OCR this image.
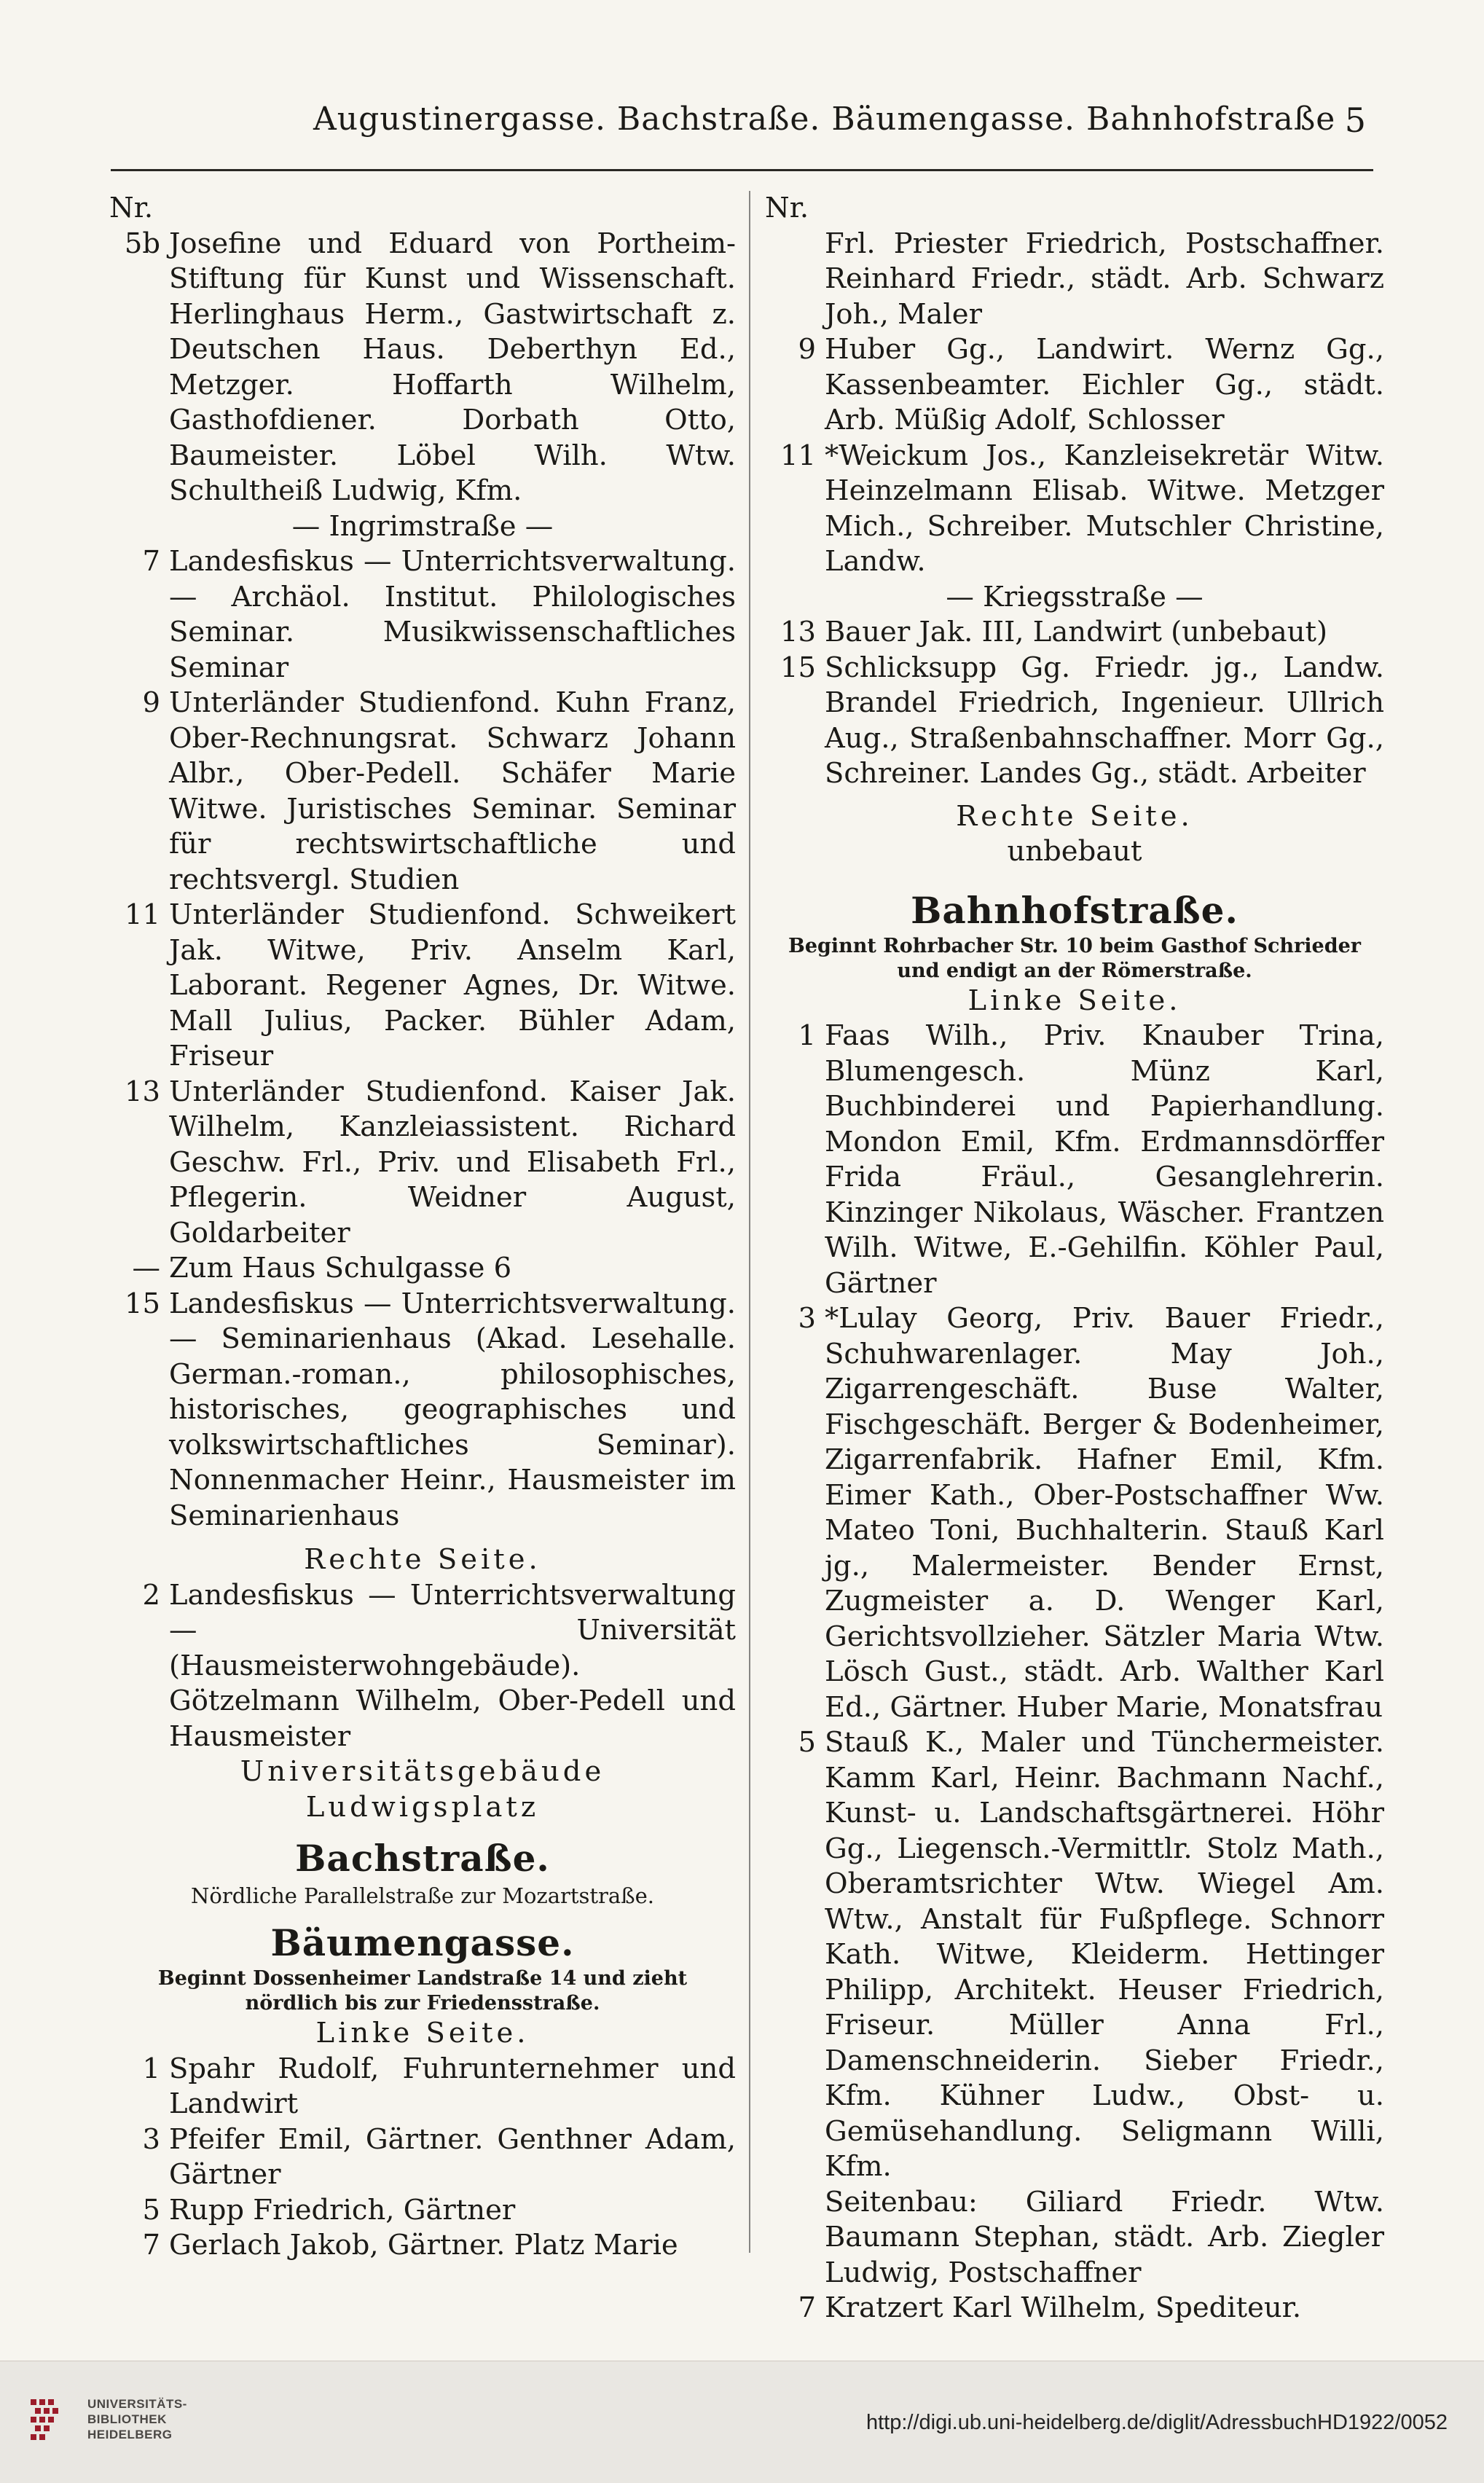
Augustinergasse. Bachstraße. Bäumengasse. Bahnhofstraße 5
Nr.
5b Josefine und Eduard von Portheim-Stiftung für Kunst und Wissenschaft. Herlinghaus Herm., Gastwirtschaft z. Deutschen Haus. Deberthyn Ed., Metzger. Hoffarth Wilhelm, Gasthofdiener. Dorbath Otto, Baumeister. Löbel Wilh. Wtw. Schultheiß Ludwig, Kfm.
— Ingrimstraße —
7 Landesfiskus — Unterrichtsverwaltung. — Archäol. Institut. Philologisches Seminar. Musikwissenschaftliches Seminar
9 Unterländer Studienfond. Kuhn Franz, Ober-Rechnungsrat. Schwarz Johann Albr., Ober-Pedell. Schäfer Marie Witwe. Juristisches Seminar. Seminar für rechtswirtschaftliche und rechtsvergl. Studien
11 Unterländer Studienfond. Schweikert Jak. Witwe, Priv. Anselm Karl, Laborant. Regener Agnes, Dr. Witwe. Mall Julius, Packer. Bühler Adam, Friseur
13 Unterländer Studienfond. Kaiser Jak. Wilhelm, Kanzleiassistent. Richard Geschw. Frl., Priv. und Elisabeth Frl., Pflegerin. Weidner August, Goldarbeiter
— Zum Haus Schulgasse 6
15 Landesfiskus — Unterrichtsverwaltung. — Seminarienhaus (Akad. Lesehalle. German.-roman., philosophisches, historisches, geographisches und volkswirtschaftliches Seminar). Nonnenmacher Heinr., Hausmeister im Seminarienhaus
Rechte Seite.
2 Landesfiskus — Unterrichtsverwaltung — Universität (Hausmeisterwohngebäude). Götzelmann Wilhelm, Ober-Pedell und Hausmeister
Universitätsgebäude
Ludwigsplatz
Bachstraße.
Nördliche Parallelstraße zur Mozartstraße.
Bäumengasse.
Beginnt Dossenheimer Landstraße 14 und zieht nördlich bis zur Friedensstraße.
Linke Seite.
1 Spahr Rudolf, Fuhrunternehmer und Landwirt
3 Pfeifer Emil, Gärtner. Genthner Adam, Gärtner
5 Rupp Friedrich, Gärtner
7 Gerlach Jakob, Gärtner. Platz Marie
Nr.
Frl. Priester Friedrich, Postschaffner. Reinhard Friedr., städt. Arb. Schwarz Joh., Maler
9 Huber Gg., Landwirt. Wernz Gg., Kassenbeamter. Eichler Gg., städt. Arb. Müßig Adolf, Schlosser
11 *Weickum Jos., Kanzleisekretär Witw. Heinzelmann Elisab. Witwe. Metzger Mich., Schreiber. Mutschler Christine, Landw.
— Kriegsstraße —
13 Bauer Jak. III, Landwirt (unbebaut)
15 Schlicksupp Gg. Friedr. jg., Landw. Brandel Friedrich, Ingenieur. Ullrich Aug., Straßenbahnschaffner. Morr Gg., Schreiner. Landes Gg., städt. Arbeiter
Rechte Seite.
unbebaut
Bahnhofstraße.
Beginnt Rohrbacher Str. 10 beim Gasthof Schrieder und endigt an der Römerstraße.
Linke Seite.
1 Faas Wilh., Priv. Knauber Trina, Blumengesch. Münz Karl, Buchbinderei und Papierhandlung. Mondon Emil, Kfm. Erdmannsdörffer Frida Fräul., Gesanglehrerin. Kinzinger Nikolaus, Wäscher. Frantzen Wilh. Witwe, E.-Gehilfin. Köhler Paul, Gärtner
3 *Lulay Georg, Priv. Bauer Friedr., Schuhwarenlager. May Joh., Zigarrengeschäft. Buse Walter, Fischgeschäft. Berger & Bodenheimer, Zigarrenfabrik. Hafner Emil, Kfm. Eimer Kath., Ober-Postschaffner Ww. Mateo Toni, Buchhalterin. Stauß Karl jg., Malermeister. Bender Ernst, Zugmeister a. D. Wenger Karl, Gerichtsvollzieher. Sätzler Maria Wtw. Lösch Gust., städt. Arb. Walther Karl Ed., Gärtner. Huber Marie, Monatsfrau
5 Stauß K., Maler und Tünchermeister. Kamm Karl, Heinr. Bachmann Nachf., Kunst- u. Landschaftsgärtnerei. Höhr Gg., Liegensch.-Vermittlr. Stolz Math., Oberamtsrichter Wtw. Wiegel Am. Wtw., Anstalt für Fußpflege. Schnorr Kath. Witwe, Kleiderm. Hettinger Philipp, Architekt. Heuser Friedrich, Friseur. Müller Anna Frl., Damenschneiderin. Sieber Friedr., Kfm. Kühner Ludw., Obst- u. Gemüsehandlung. Seligmann Willi, Kfm.
Seitenbau: Giliard Friedr. Wtw. Baumann Stephan, städt. Arb. Ziegler Ludwig, Postschaffner
7 Kratzert Karl Wilhelm, Spediteur.
UNIVERSITÄTS-
BIBLIOTHEK
HEIDELBERG
http://digi.ub.uni-heidelberg.de/diglit/AdressbuchHD1922/0052
